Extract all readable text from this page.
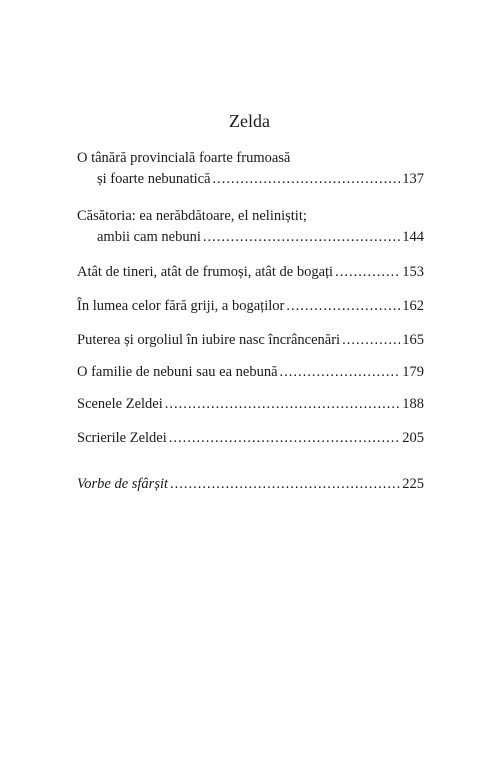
Zelda
O tânără provincială foarte frumoasă
și foarte nebunatică .....	137
Căsătoria: ea nerăbdătoare, el neliniștit;
ambii cam nebuni .....	144
Atât de tineri, atât de frumoși, atât de bogați .....	153
În lumea celor fără griji, a bogaților .....	162
Puterea și orgoliul în iubire nasc încrâncenări .....	165
O familie de nebuni sau ea nebună .....	179
Scenele Zeldei .....	188
Scrierile Zeldei .....	205
Vorbe de sfârșit .....	225
